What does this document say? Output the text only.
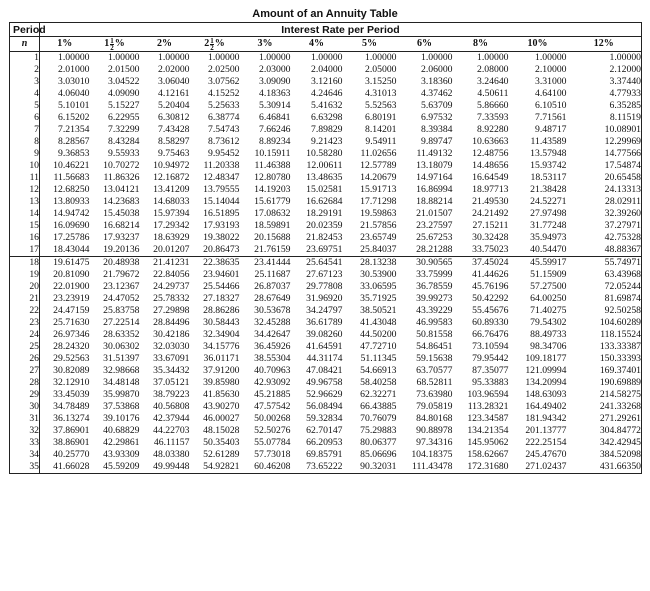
Amount of an Annuity Table
Period	Interest Rate per Period										
n	1%	$1 \frac{1}{2}$ %	2%	$2 \frac{1}{2}$ %	3%	4%	5%	6%	8%	10%	12%
1	1.00000	1.00000	1.00000	1.00000	1.00000	1.00000	1.00000	1.00000	1.00000	1.00000	1.00000
2	2.01000	2.01500	2.02000	2.02500	2.03000	2.04000	2.05000	2.06000	2.08000	2.10000	2.12000
3	3.03010	3.04522	3.06040	3.07562	3.09090	3.12160	3.15250	3.18360	3.24640	3.31000	3.37440
4	4.06040	4.09090	4.12161	4.15252	4.18363	4.24646	4.31013	4.37462	4.50611	4.64100	4.77933
5	5.10101	5.15227	5.20404	5.25633	5.30914	5.41632	5.52563	5.63709	5.86660	6.10510	6.35285
6	6.15202	6.22955	6.30812	6.38774	6.46841	6.63298	6.80191	6.97532	7.33593	7.71561	8.11519
7	7.21354	7.32299	7.43428	7.54743	7.66246	7.89829	8.14201	8.39384	8.92280	9.48717	10.08901
8	8.28567	8.43284	8.58297	8.73612	8.89234	9.21423	9.54911	9.89747	10.63663	11.43589	12.29969
9	9.36853	9.55933	9.75463	9.95452	10.15911	10.58280	11.02656	11.49132	12.48756	13.57948	14.77566
10	10.46221	10.70272	10.94972	11.20338	11.46388	12.00611	12.57789	13.18079	14.48656	15.93742	17.54874
11	11.56683	11.86326	12.16872	12.48347	12.80780	13.48635	14.20679	14.97164	16.64549	18.53117	20.65458
12	12.68250	13.04121	13.41209	13.79555	14.19203	15.02581	15.91713	16.86994	18.97713	21.38428	24.13313
13	13.80933	14.23683	14.68033	15.14044	15.61779	16.62684	17.71298	18.88214	21.49530	24.52271	28.02911
14	14.94742	15.45038	15.97394	16.51895	17.08632	18.29191	19.59863	21.01507	24.21492	27.97498	32.39260
15	16.09690	16.68214	17.29342	17.93193	18.59891	20.02359	21.57856	23.27597	27.15211	31.77248	37.27971
16	17.25786	17.93237	18.63929	19.38022	20.15688	21.82453	23.65749	25.67253	30.32428	35.94973	42.75328
17	18.43044	19.20136	20.01207	20.86473	21.76159	23.69751	25.84037	28.21288	33.75023	40.54470	48.88367
18	19.61475	20.48938	21.41231	22.38635	23.41444	25.64541	28.13238	30.90565	37.45024	45.59917	55.74971
19	20.81090	21.79672	22.84056	23.94601	25.11687	27.67123	30.53900	33.75999	41.44626	51.15909	63.43968
20	22.01900	23.12367	24.29737	25.54466	26.87037	29.77808	33.06595	36.78559	45.76196	57.27500	72.05244
21	23.23919	24.47052	25.78332	27.18327	28.67649	31.96920	35.71925	39.99273	50.42292	64.00250	81.69874
22	24.47159	25.83758	27.29898	28.86286	30.53678	34.24797	38.50521	43.39229	55.45676	71.40275	92.50258
23	25.71630	27.22514	28.84496	30.58443	32.45288	36.61789	41.43048	46.99583	60.89330	79.54302	104.60289
24	26.97346	28.63352	30.42186	32.34904	34.42647	39.08260	44.50200	50.81558	66.76476	88.49733	118.15524
25	28.24320	30.06302	32.03030	34.15776	36.45926	41.64591	47.72710	54.86451	73.10594	98.34706	133.33387
26	29.52563	31.51397	33.67091	36.01171	38.55304	44.31174	51.11345	59.15638	79.95442	109.18177	150.33393
27	30.82089	32.98668	35.34432	37.91200	40.70963	47.08421	54.66913	63.70577	87.35077	121.09994	169.37401
28	32.12910	34.48148	37.05121	39.85980	42.93092	49.96758	58.40258	68.52811	95.33883	134.20994	190.69889
29	33.45039	35.99870	38.79223	41.85630	45.21885	52.96629	62.32271	73.63980	103.96594	148.63093	214.58275
30	34.78489	37.53868	40.56808	43.90270	47.57542	56.08494	66.43885	79.05819	113.28321	164.49402	241.33268
31	36.13274	39.10176	42.37944	46.00027	50.00268	59.32834	70.76079	84.80168	123.34587	181.94342	271.29261
32	37.86901	40.68829	44.22703	48.15028	52.50276	62.70147	75.29883	90.88978	134.21354	201.13777	304.84772
33	38.86901	42.29861	46.11157	50.35403	55.07784	66.20953	80.06377	97.34316	145.95062	222.25154	342.42945
34	40.25770	43.93309	48.03380	52.61289	57.73018	69.85791	85.06696	104.18375	158.62667	245.47670	384.52098
35	41.66028	45.59209	49.99448	54.92821	60.46208	73.65222	90.32031	111.43478	172.31680	271.02437	431.66350
